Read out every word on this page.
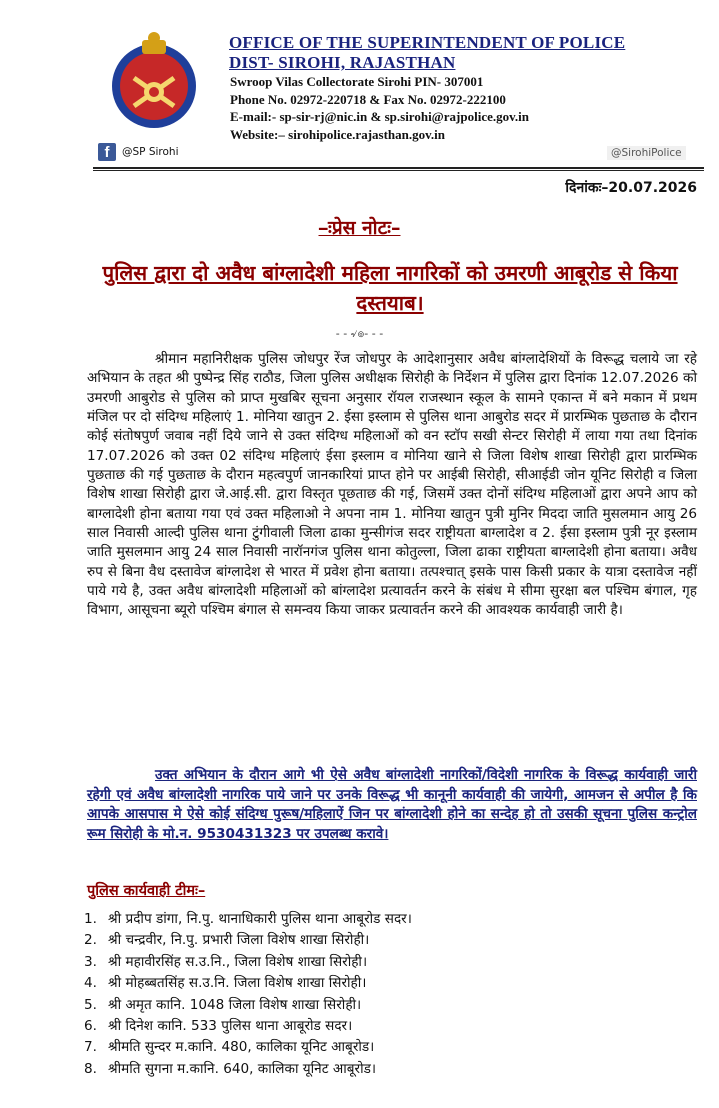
OFFICE OF THE SUPERINTENDENT OF POLICE
DIST- SIROHI, RAJASTHAN
Swroop Vilas Collectorate Sirohi PIN- 307001
Phone No. 02972-220718 & Fax No. 02972-222100
E-mail:- sp-sir-rj@nic.in & sp.sirohi@rajpolice.gov.in
Website:– sirohipolice.rajasthan.gov.in
f	@SP Sirohi	@SirohiPolice
दिनांकः–20.07.2026
–ःप्रेस नोटः–
पुलिस द्वारा दो अवैध बांग्लादेशी महिला नागरिकों को उमरणी आबूरोड से किया दस्तयाब।
- - ৵๏‐ - -
श्रीमान महानिरीक्षक पुलिस जोधपुर रेंज जोधपुर के आदेशानुसार अवैध बांग्लादेशियों के विरूद्ध चलाये जा रहे अभियान के तहत श्री पुष्पेन्द्र सिंह राठौड, जिला पुलिस अधीक्षक सिरोही के निर्देशन में पुलिस द्वारा दिनांक 12.07.2026 को उमरणी आबुरोड से पुलिस को प्राप्त मुखबिर सूचना अनुसार रॉयल राजस्थान स्कूल के सामने एकान्त में बने मकान में प्रथम मंजिल पर दो संदिग्ध महिलाएं 1. मोनिया खातुन 2. ईसा इस्लाम से पुलिस थाना आबुरोड सदर में प्रारम्भिक पुछताछ के दौरान कोई संतोषपुर्ण जवाब नहीं दिये जाने से उक्त संदिग्ध महिलाओं को वन स्टॉप सखी सेन्टर सिरोही में लाया गया तथा दिनांक 17.07.2026 को उक्त 02 संदिग्ध महिलाएं ईसा इस्लाम व मोनिया खाने से जिला विशेष शाखा सिरोही द्वारा प्रारम्भिक पुछताछ की गई पुछताछ के दौरान महत्वपुर्ण जानकारियां प्राप्त होने पर आईबी सिरोही, सीआईडी जोन यूनिट सिरोही व जिला विशेष शाखा सिरोही द्वारा जे.आई.सी. द्वारा विस्तृत पूछताछ की गई, जिसमें उक्त दोनों संदिग्ध महिलाओं द्वारा अपने आप को बाग्लादेशी होना बताया गया एवं उक्त महिलाओ ने अपना नाम 1. मोनिया खातुन पुत्री मुनिर मिददा जाति मुसलमान आयु 26 साल निवासी आल्दी पुलिस थाना टुंगीवाली जिला ढाका मुन्सीगंज सदर राष्ट्रीयता बाग्लादेश व 2. ईसा इस्लाम पुत्री नूर इस्लाम जाति मुसलमान आयु 24 साल निवासी नारॉनगंज पुलिस थाना कोतुल्ला, जिला ढाका राष्ट्रीयता बाग्लादेशी होना बताया। अवैध रुप से बिना वैध दस्तावेज बांग्लादेश से भारत में प्रवेश होना बताया। तत्पश्चात् इसके पास किसी प्रकार के यात्रा दस्तावेज नहीं पाये गये है, उक्त अवैध बांग्लादेशी महिलाओं को बांग्लादेश प्रत्यावर्तन करने के संबंध मे सीमा सुरक्षा बल पश्चिम बंगाल, गृह विभाग, आसूचना ब्यूरो पश्चिम बंगाल से समन्वय किया जाकर प्रत्यावर्तन करने की आवश्यक कार्यवाही जारी है।
उक्त अभियान के दौरान आगे भी ऐसे अवैध बांग्लादेशी नागरिकों/विदेशी नागरिक के विरूद्ध कार्यवाही जारी रहेगी एवं अवैध बांग्लादेशी नागरिक पाये जाने पर उनके विरूद्ध भी कानूनी कार्यवाही की जायेगी, आमजन से अपील है कि आपके आसपास मे ऐसे कोई संदिग्ध पुरूष/महिलाऐं जिन पर बांग्लादेशी होने का सन्देह हो तो उसकी सूचना पुलिस कन्ट्रोल रूम सिरोही के मो.न. 9530431323 पर उपलब्ध करावे।
पुलिस कार्यवाही टीमः–
1. श्री प्रदीप डांगा, नि.पु. थानाधिकारी पुलिस थाना आबूरोड सदर।
2. श्री चन्द्रवीर, नि.पु. प्रभारी जिला विशेष शाखा सिरोही।
3. श्री महावीरसिंह स.उ.नि., जिला विशेष शाखा सिरोही।
4. श्री मोहब्बतसिंह स.उ.नि. जिला विशेष शाखा सिरोही।
5. श्री अमृत कानि. 1048 जिला विशेष शाखा सिरोही।
6. श्री दिनेश कानि. 533 पुलिस थाना आबूरोड सदर।
7. श्रीमति सुन्दर म.कानि. 480, कालिका यूनिट आबूरोड।
8. श्रीमति सुगना म.कानि. 640, कालिका यूनिट आबूरोड।
